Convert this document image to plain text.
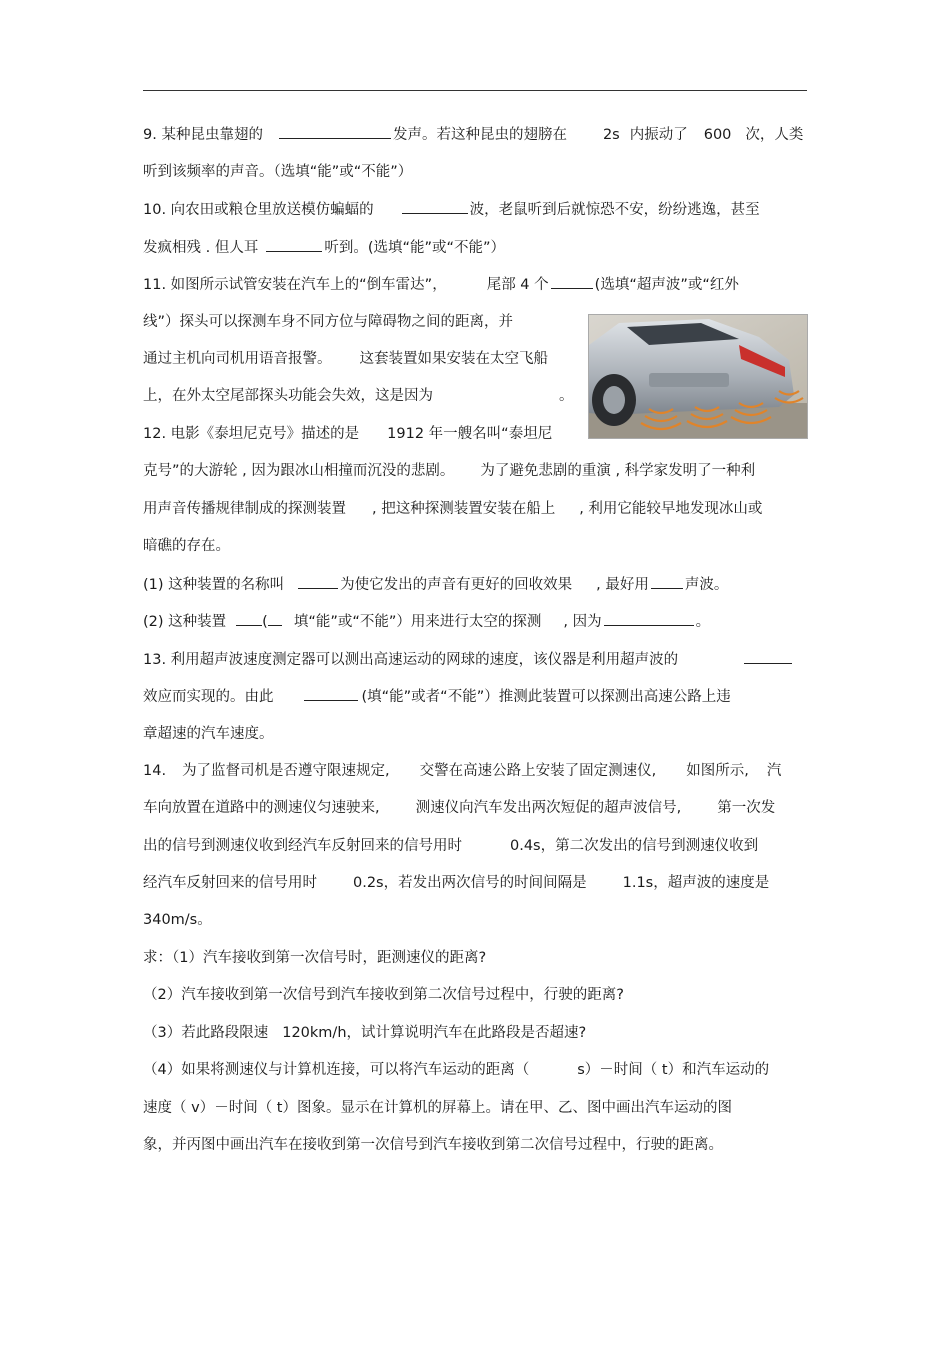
9. 某种昆虫靠翅的	发声。若这种昆虫的翅膀在 2s 内振动了 600 次，人类
听到该频率的声音。（选填“能”或“不能”）
10. 向农田或粮仓里放送模仿蝙蝠的	波，老鼠听到后就惊恐不安，纷纷逃逸，甚至
发疯相残 . 但人耳	听到。(选填“能”或“不能”）
11. 如图所示试管安装在汽车上的“倒车雷达”，	尾部 4 个	(选填“超声波”或“红外
线”）探头可以探测车身不同方位与障碍物之间的距离，并
通过主机向司机用语音报警。 这套装置如果安装在太空飞船
上，在外太空尾部探头功能会失效，这是因为	。
12. 电影《泰坦尼克号》描述的是 1912 年一艘名叫“泰坦尼
克号”的大游轮 , 因为跟冰山相撞而沉没的悲剧。 为了避免悲剧的重演 , 科学家发明了一种利
用声音传播规律制成的探测装置 , 把这种探测装置安装在船上 , 利用它能较早地发现冰山或
暗礁的存在。
(1) 这种装置的名称叫	为使它发出的声音有更好的回收效果 , 最好用 声波。
(2) 这种装置 ( 填“能”或“不能”）用来进行太空的探测 , 因为	。
13. 利用超声波速度测定器可以测出高速运动的网球的速度，该仪器是利用超声波的
效应而实现的。由此	(填“能”或者“不能”）推测此装置可以探测出高速公路上违
章超速的汽车速度。
14. 为了监督司机是否遵守限速规定, 交警在高速公路上安装了固定测速仪, 如图所示, 汽
车向放置在道路中的测速仪匀速驶来, 测速仪向汽车发出两次短促的超声波信号, 第一次发
出的信号到测速仪收到经汽车反射回来的信号用时	0.4s，第二次发出的信号到测速仪收到
经汽车反射回来的信号用时 0.2s，若发出两次信号的时间间隔是 1.1s，超声波的速度是
340m/s。
求：（1）汽车接收到第一次信号时，距测速仪的距离?
（2）汽车接收到第一次信号到汽车接收到第二次信号过程中，行驶的距离?
（3）若此路段限速 120km/h，试计算说明汽车在此路段是否超速?
（4）如果将测速仪与计算机连接，可以将汽车运动的距离（	s）－时间（ t）和汽车运动的
速度（ v）－时间（ t）图象。显示在计算机的屏幕上。请在甲、乙、图中画出汽车运动的图
象，并丙图中画出汽车在接收到第一次信号到汽车接收到第二次信号过程中，行驶的距离。
